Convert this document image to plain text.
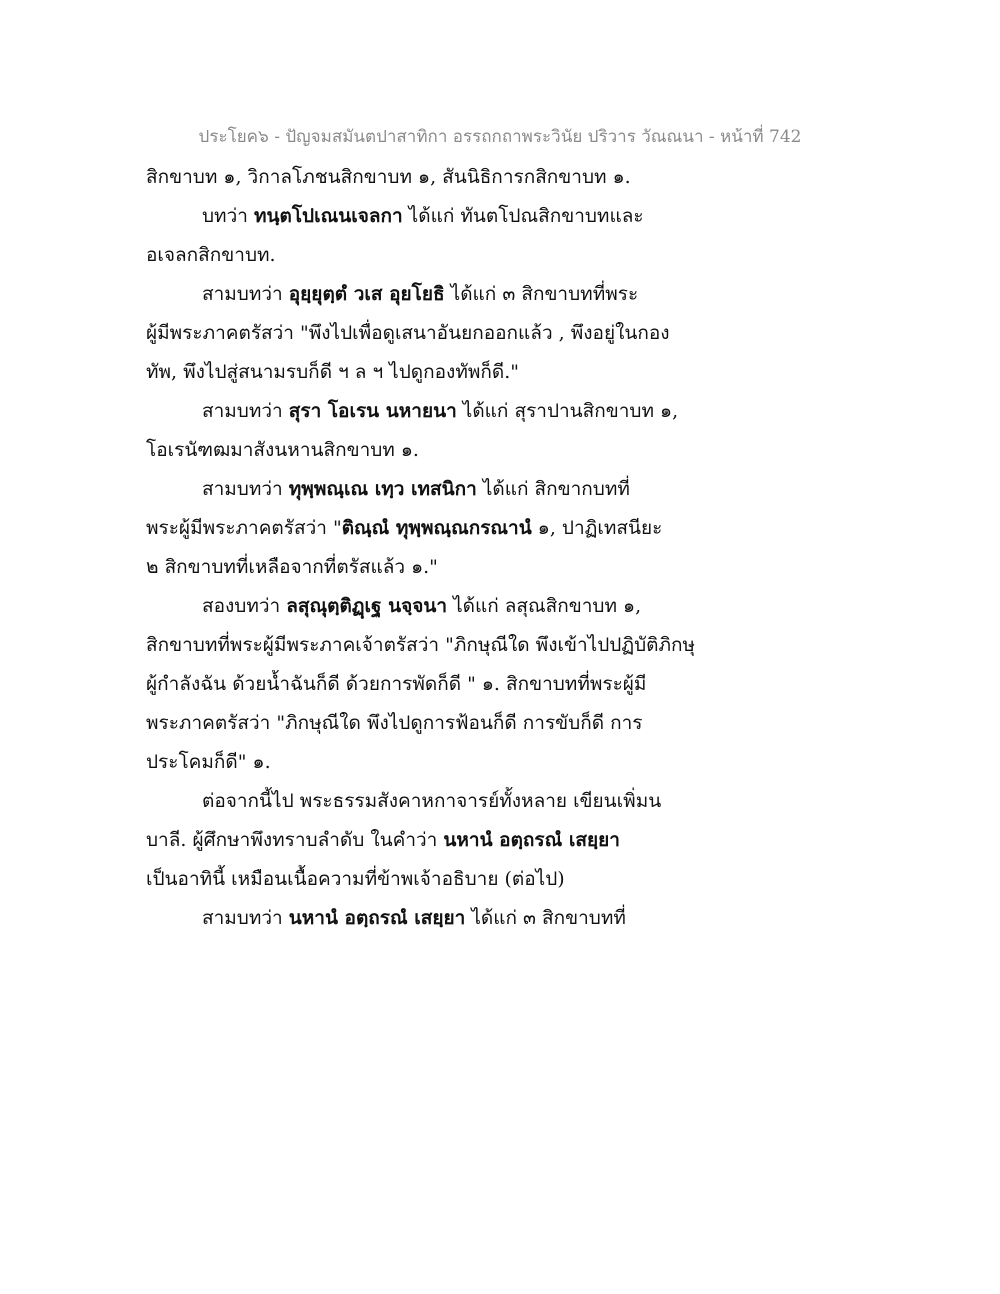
ประโยค๖ - ปัญจมสมันตปาสาทิกา อรรถกถาพระวินัย ปริวาร วัณณนา - หน้าที่ 742
สิกขาบท ๑, วิกาลโภชนสิกขาบท ๑, สันนิธิการกสิกขาบท ๑.
บทว่า ทนฺตโปเณนเจลกา ได้แก่ ทันตโปณสิกขาบทและ
อเจลกสิกขาบท.
สามบทว่า อุยฺยุตฺตํ วเส อุยโยธิ ได้แก่ ๓ สิกขาบทที่พระ
ผู้มีพระภาคตรัสว่า "พึงไปเพื่อดูเสนาอันยกออกแล้ว , พึงอยู่ในกอง
ทัพ, พึงไปสู่สนามรบก็ดี ฯ ล ฯ ไปดูกองทัพก็ดี."
สามบทว่า สุรา โอเรน นหายนา ได้แก่ สุราปานสิกขาบท ๑,
โอเรนัฑฒมาสังนหานสิกขาบท ๑.
สามบทว่า ทุพฺพณฺเณ เทฺว เทสนิกา ได้แก่ สิกขากบทที่
พระผู้มีพระภาคตรัสว่า "ติณฺณํ ทุพฺพณฺณกรณานํ ๑, ปาฏิเทสนียะ
๒ สิกขาบทที่เหลือจากที่ตรัสแล้ว ๑."
สองบทว่า ลสุณุตฺติฏฺเฐ นจฺจนา ได้แก่ ลสุณสิกขาบท ๑,
สิกขาบทที่พระผู้มีพระภาคเจ้าตรัสว่า "ภิกษุณีใด พึงเข้าไปปฏิบัติภิกษุ
ผู้กำลังฉัน ด้วยน้ำฉันก็ดี ด้วยการพัดก็ดี " ๑. สิกขาบทที่พระผู้มี
พระภาคตรัสว่า "ภิกษุณีใด พึงไปดูการฟ้อนก็ดี การขับก็ดี การ
ประโคมก็ดี" ๑.
ต่อจากนี้ไป พระธรรมสังคาหกาจารย์ทั้งหลาย เขียนเพิ่มน
บาลี. ผู้ศึกษาพึงทราบลำดับ ในคำว่า นหานํ อตฺถรณํ เสยฺยา
เป็นอาทินี้ เหมือนเนื้อความที่ข้าพเจ้าอธิบาย (ต่อไป)
สามบทว่า นหานํ อตฺถรณํ เสยฺยา ได้แก่ ๓ สิกขาบทที่
